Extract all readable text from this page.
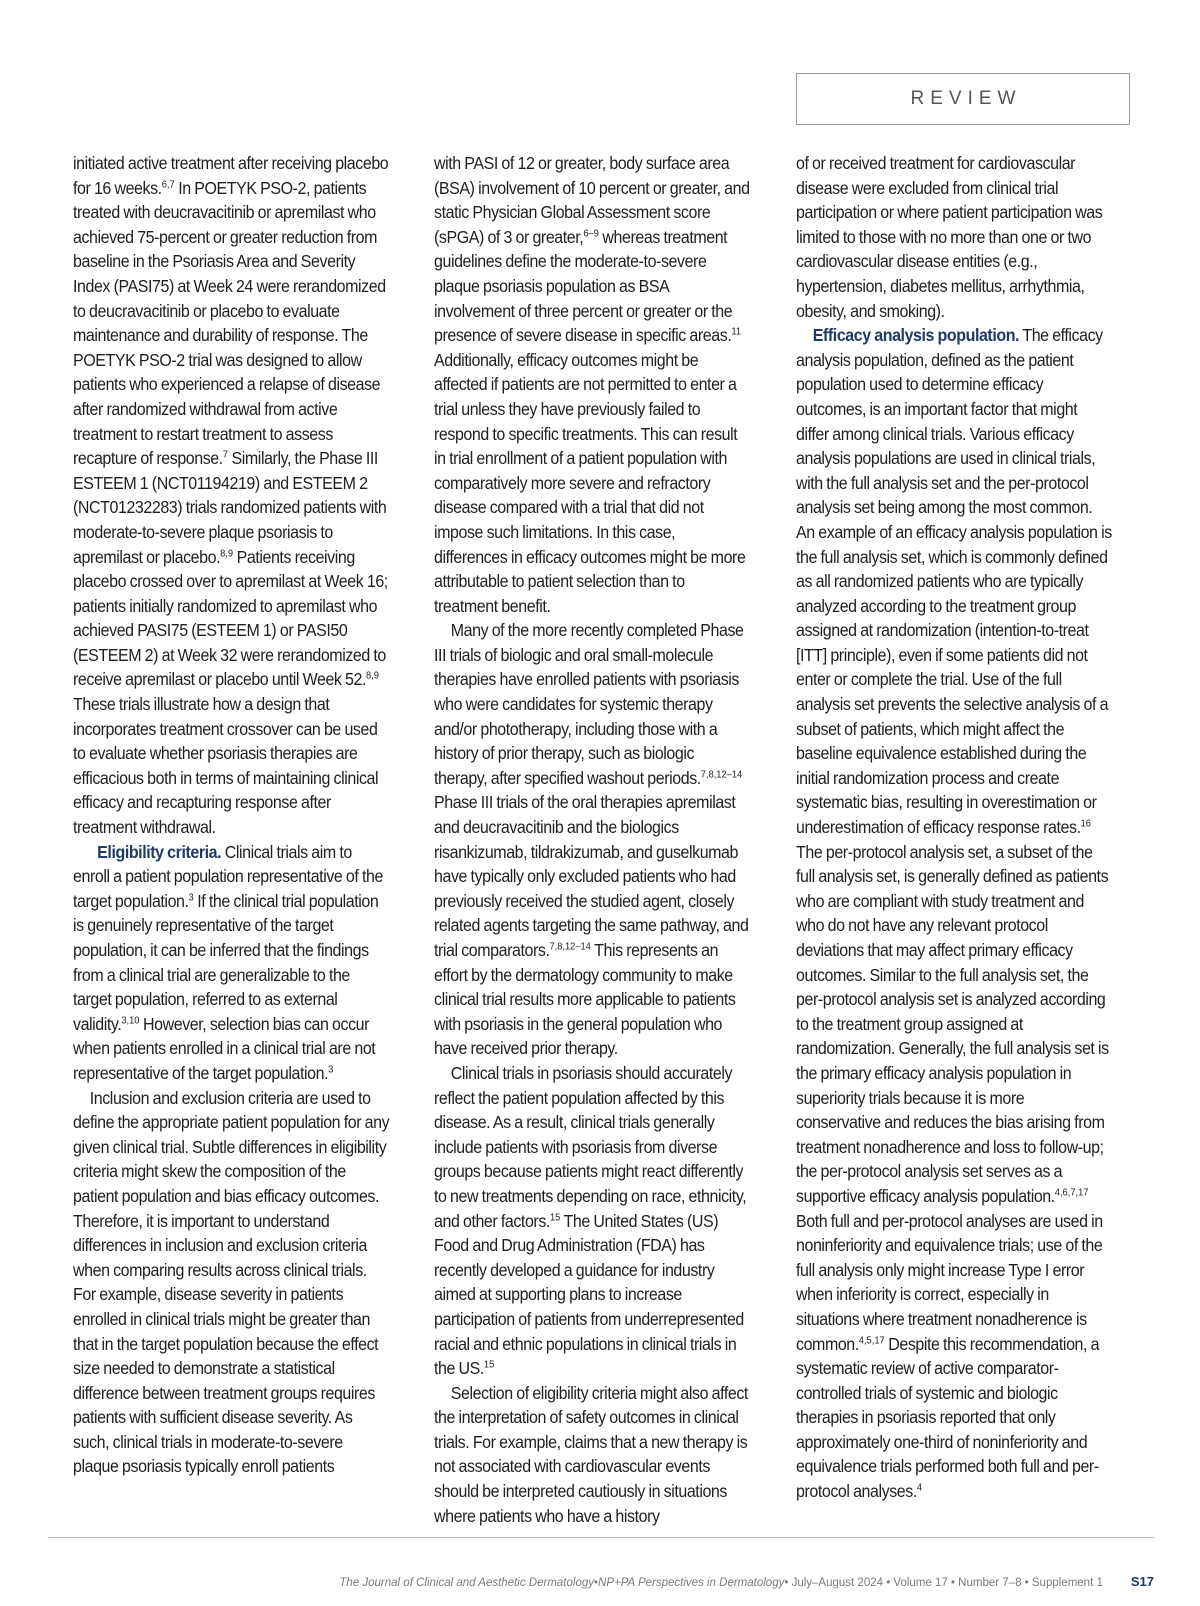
REVIEW

initiated active treatment after receiving placebo for 16 weeks.$^{6,7}$ In POETYK PSO-2, patients treated with deucravacitinib or apremilast who achieved 75-percent or greater reduction from baseline in the Psoriasis Area and Severity Index (PASI75) at Week 24 were rerandomized to deucravacitinib or placebo to evaluate maintenance and durability of response. The POETYK PSO-2 trial was designed to allow patients who experienced a relapse of disease after randomized withdrawal from active treatment to restart treatment to assess recapture of response.$^7$ Similarly, the Phase III ESTEEM 1 (NCT01194219) and ESTEEM 2 (NCT01232283) trials randomized patients with moderate-to-severe plaque psoriasis to apremilast or placebo.$^{8,9}$ Patients receiving placebo crossed over to apremilast at Week 16; patients initially randomized to apremilast who achieved PASI75 (ESTEEM 1) or PASI50 (ESTEEM 2) at Week 32 were rerandomized to receive apremilast or placebo until Week 52.$^{8,9}$ These trials illustrate how a design that incorporates treatment crossover can be used to evaluate whether psoriasis therapies are efficacious both in terms of maintaining clinical efficacy and recapturing response after treatment withdrawal.

Eligibility criteria. Clinical trials aim to enroll a patient population representative of the target population.$^3$ If the clinical trial population is genuinely representative of the target population, it can be inferred that the findings from a clinical trial are generalizable to the target population, referred to as external validity.$^{3,10}$ However, selection bias can occur when patients enrolled in a clinical trial are not representative of the target population.$^3$

Inclusion and exclusion criteria are used to define the appropriate patient population for any given clinical trial. Subtle differences in eligibility criteria might skew the composition of the patient population and bias efficacy outcomes. Therefore, it is important to understand differences in inclusion and exclusion criteria when comparing results across clinical trials. For example, disease severity in patients enrolled in clinical trials might be greater than that in the target population because the effect size needed to demonstrate a statistical difference between treatment groups requires patients with sufficient disease severity. As such, clinical trials in moderate-to-severe plaque psoriasis typically enroll patients

with PASI of 12 or greater, body surface area (BSA) involvement of 10 percent or greater, and static Physician Global Assessment score (sPGA) of 3 or greater,$^{6-9}$ whereas treatment guidelines define the moderate-to-severe plaque psoriasis population as BSA involvement of three percent or greater or the presence of severe disease in specific areas.$^{11}$ Additionally, efficacy outcomes might be affected if patients are not permitted to enter a trial unless they have previously failed to respond to specific treatments. This can result in trial enrollment of a patient population with comparatively more severe and refractory disease compared with a trial that did not impose such limitations. In this case, differences in efficacy outcomes might be more attributable to patient selection than to treatment benefit.

Many of the more recently completed Phase III trials of biologic and oral small-molecule therapies have enrolled patients with psoriasis who were candidates for systemic therapy and/or phototherapy, including those with a history of prior therapy, such as biologic therapy, after specified washout periods.$^{7,8,12-14}$ Phase III trials of the oral therapies apremilast and deucravacitinib and the biologics risankizumab, tildrakizumab, and guselkumab have typically only excluded patients who had previously received the studied agent, closely related agents targeting the same pathway, and trial comparators.$^{7,8,12-14}$ This represents an effort by the dermatology community to make clinical trial results more applicable to patients with psoriasis in the general population who have received prior therapy.

Clinical trials in psoriasis should accurately reflect the patient population affected by this disease. As a result, clinical trials generally include patients with psoriasis from diverse groups because patients might react differently to new treatments depending on race, ethnicity, and other factors.$^{15}$ The United States (US) Food and Drug Administration (FDA) has recently developed a guidance for industry aimed at supporting plans to increase participation of patients from underrepresented racial and ethnic populations in clinical trials in the US.$^{15}$

Selection of eligibility criteria might also affect the interpretation of safety outcomes in clinical trials. For example, claims that a new therapy is not associated with cardiovascular events should be interpreted cautiously in situations where patients who have a history

of or received treatment for cardiovascular disease were excluded from clinical trial participation or where patient participation was limited to those with no more than one or two cardiovascular disease entities (e.g., hypertension, diabetes mellitus, arrhythmia, obesity, and smoking).

Efficacy analysis population. The efficacy analysis population, defined as the patient population used to determine efficacy outcomes, is an important factor that might differ among clinical trials. Various efficacy analysis populations are used in clinical trials, with the full analysis set and the per-protocol analysis set being among the most common. An example of an efficacy analysis population is the full analysis set, which is commonly defined as all randomized patients who are typically analyzed according to the treatment group assigned at randomization (intention-to-treat [ITT] principle), even if some patients did not enter or complete the trial. Use of the full analysis set prevents the selective analysis of a subset of patients, which might affect the baseline equivalence established during the initial randomization process and create systematic bias, resulting in overestimation or underestimation of efficacy response rates.$^{16}$ The per-protocol analysis set, a subset of the full analysis set, is generally defined as patients who are compliant with study treatment and who do not have any relevant protocol deviations that may affect primary efficacy outcomes. Similar to the full analysis set, the per-protocol analysis set is analyzed according to the treatment group assigned at randomization. Generally, the full analysis set is the primary efficacy analysis population in superiority trials because it is more conservative and reduces the bias arising from treatment nonadherence and loss to follow-up; the per-protocol analysis set serves as a supportive efficacy analysis population.$^{4,6,7,17}$ Both full and per-protocol analyses are used in noninferiority and equivalence trials; use of the full analysis only might increase Type I error when inferiority is correct, especially in situations where treatment nonadherence is common.$^{4,5,17}$ Despite this recommendation, a systematic review of active comparator-controlled trials of systemic and biologic therapies in psoriasis reported that only approximately one-third of noninferiority and equivalence trials performed both full and per-protocol analyses.$^4$

The Journal of Clinical and Aesthetic Dermatology • NP+PA Perspectives in Dermatology • July–August 2024 • Volume 17 • Number 7–8 • Supplement 1 S17
